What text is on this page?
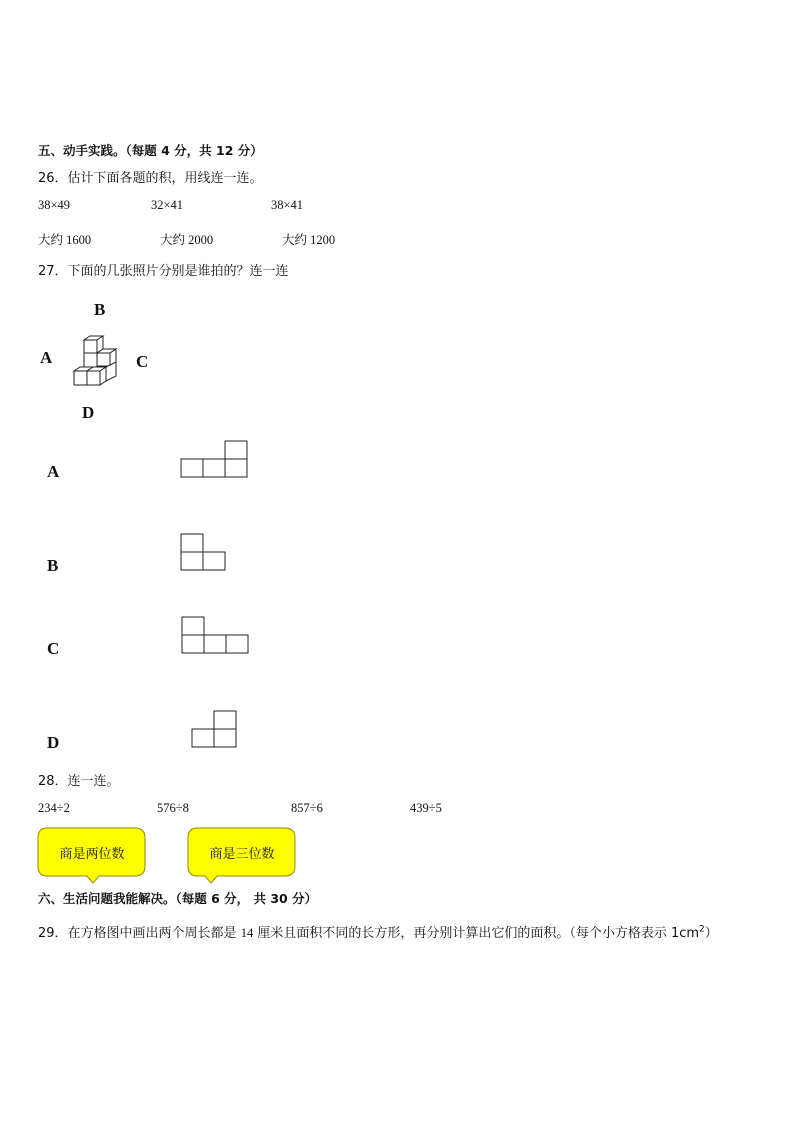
五、动手实践。（每题 4 分，共 12 分）
26．估计下面各题的积，用线连一连。
38×49	32×41	38×41
大约 1600	大约 2000	大约 1200
27．下面的几张照片分别是谁拍的？连一连
B
A	C
D
A
B
C
D
28．连一连。
234÷2	576÷8	857÷6	439÷5
商是两位数	商是三位数
六、生活问题我能解决。（每题 6 分， 共 30 分）
29．在方格图中画出两个周长都是 14 厘米且面积不同的长方形，再分别计算出它们的面积。（每个小方格表示 $1cm^2$）
